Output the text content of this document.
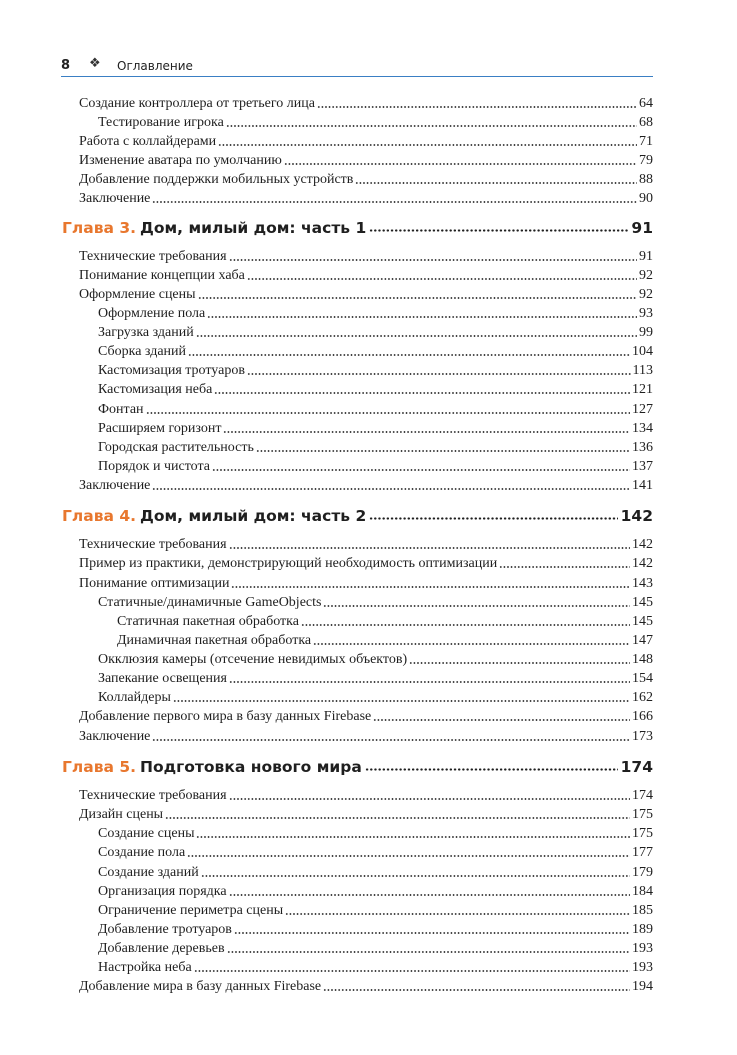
8 ❖ Оглавление
Создание контроллера от третьего лица	64
Тестирование игрока	68
Работа с коллайдерами	71
Изменение аватара по умолчанию	79
Добавление поддержки мобильных устройств	88
Заключение	90
Глава 3. Дом, милый дом: часть 1	91
Технические требования	91
Понимание концепции хаба	92
Оформление сцены	92
Оформление пола	93
Загрузка зданий	99
Сборка зданий	104
Кастомизация тротуаров	113
Кастомизация неба	121
Фонтан	127
Расширяем горизонт	134
Городская растительность	136
Порядок и чистота	137
Заключение	141
Глава 4. Дом, милый дом: часть 2	142
Технические требования	142
Пример из практики, демонстрирующий необходимость оптимизации	142
Понимание оптимизации	143
Статичные/динамичные GameObjects	145
Статичная пакетная обработка	145
Динамичная пакетная обработка	147
Окклюзия камеры (отсечение невидимых объектов)	148
Запекание освещения	154
Коллайдеры	162
Добавление первого мира в базу данных Firebase	166
Заключение	173
Глава 5. Подготовка нового мира	174
Технические требования	174
Дизайн сцены	175
Создание сцены	175
Создание пола	177
Создание зданий	179
Организация порядка	184
Ограничение периметра сцены	185
Добавление тротуаров	189
Добавление деревьев	193
Настройка неба	193
Добавление мира в базу данных Firebase	194
